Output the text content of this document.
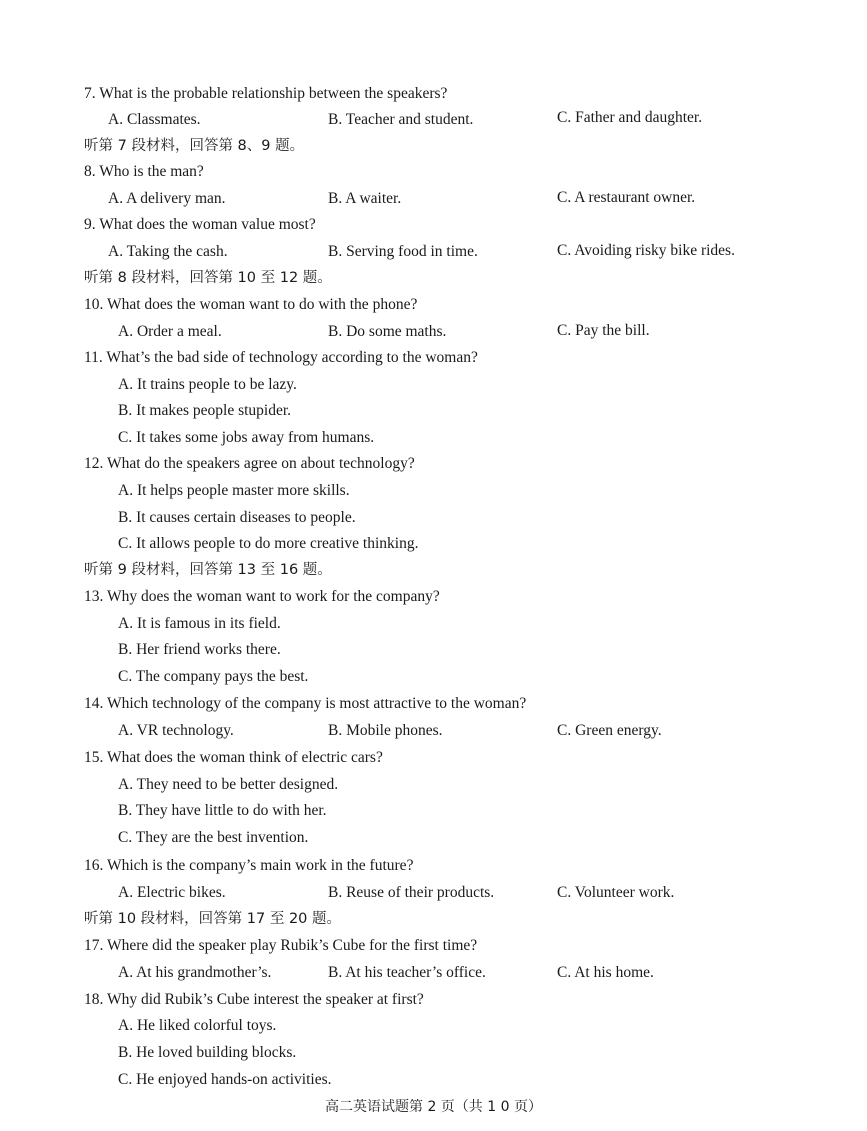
7. What is the probable relationship between the speakers?
A. Classmates.	B. Teacher and student.	C. Father and daughter.
听第 7 段材料，回答第 8、9 题。
8. Who is the man?
A. A delivery man.	B. A waiter.	C. A restaurant owner.
9. What does the woman value most?
A. Taking the cash.	B. Serving food in time.	C. Avoiding risky bike rides.
听第 8 段材料，回答第 10 至 12 题。
10. What does the woman want to do with the phone?
A. Order a meal.	B. Do some maths.	C. Pay the bill.
11. What’s the bad side of technology according to the woman?
A. It trains people to be lazy.
B. It makes people stupider.
C. It takes some jobs away from humans.
12. What do the speakers agree on about technology?
A. It helps people master more skills.
B. It causes certain diseases to people.
C. It allows people to do more creative thinking.
听第 9 段材料，回答第 13 至 16 题。
13. Why does the woman want to work for the company?
A. It is famous in its field.
B. Her friend works there.
C. The company pays the best.
14. Which technology of the company is most attractive to the woman?
A. VR technology.	B. Mobile phones.	C. Green energy.
15. What does the woman think of electric cars?
A. They need to be better designed.
B. They have little to do with her.
C. They are the best invention.
16. Which is the company’s main work in the future?
A. Electric bikes.	B. Reuse of their products.	C. Volunteer work.
听第 10 段材料，回答第 17 至 20 题。
17. Where did the speaker play Rubik’s Cube for the first time?
A. At his grandmother’s.	B. At his teacher’s office.	C. At his home.
18. Why did Rubik’s Cube interest the speaker at first?
A. He liked colorful toys.
B. He loved building blocks.
C. He enjoyed hands-on activities.
高二英语试题第 2 页（共 1 0 页）
